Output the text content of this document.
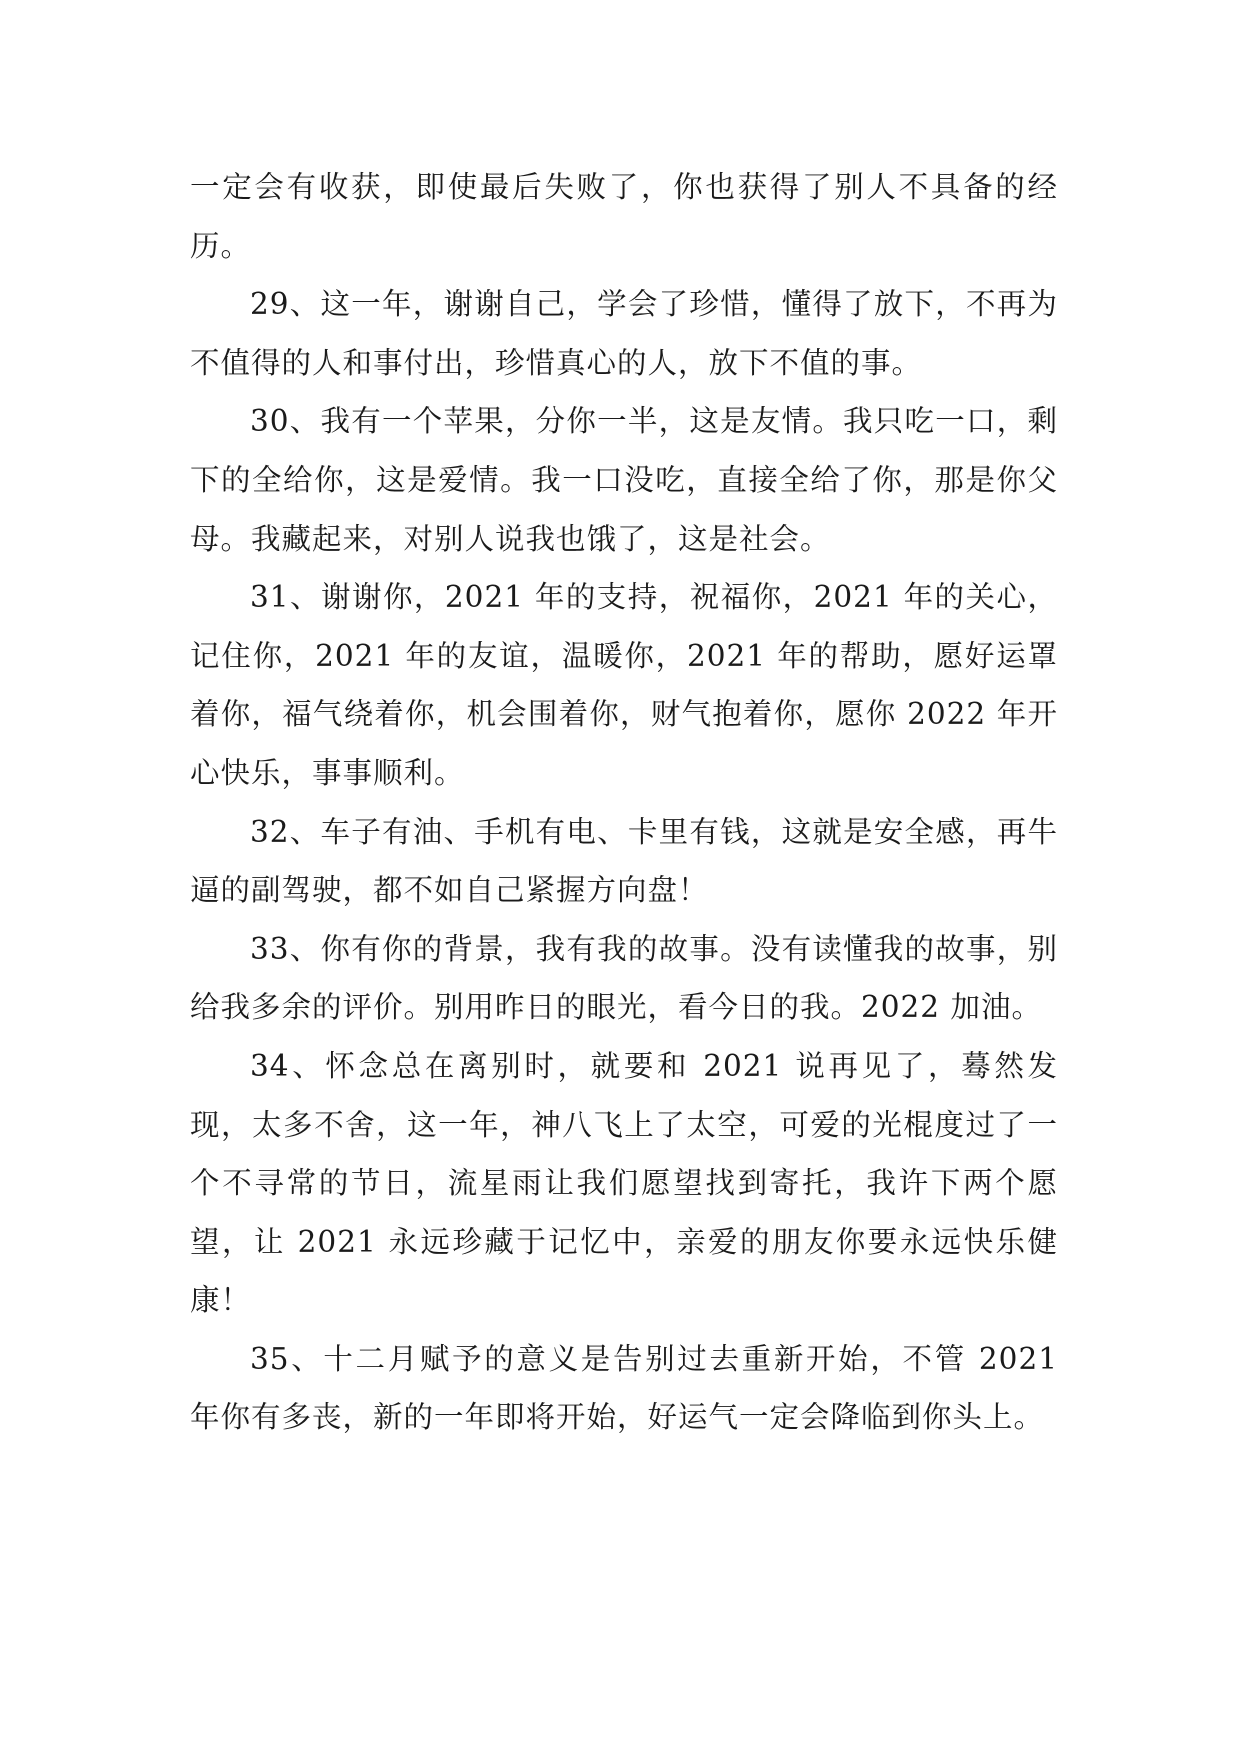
一定会有收获，即使最后失败了，你也获得了别人不具备的经历。

29、这一年，谢谢自己，学会了珍惜，懂得了放下，不再为不值得的人和事付出，珍惜真心的人，放下不值的事。

30、我有一个苹果，分你一半，这是友情。我只吃一口，剩下的全给你，这是爱情。我一口没吃，直接全给了你，那是你父母。我藏起来，对别人说我也饿了，这是社会。

31、谢谢你，2021 年的支持，祝福你，2021 年的关心，记住你，2021 年的友谊，温暖你，2021 年的帮助，愿好运罩着你，福气绕着你，机会围着你，财气抱着你，愿你 2022 年开心快乐，事事顺利。

32、车子有油、手机有电、卡里有钱，这就是安全感，再牛逼的副驾驶，都不如自己紧握方向盘！

33、你有你的背景，我有我的故事。没有读懂我的故事，别给我多余的评价。别用昨日的眼光，看今日的我。2022 加油。

34、怀念总在离别时，就要和 2021 说再见了，蓦然发现，太多不舍，这一年，神八飞上了太空，可爱的光棍度过了一个不寻常的节日，流星雨让我们愿望找到寄托，我许下两个愿望，让 2021 永远珍藏于记忆中，亲爱的朋友你要永远快乐健康！

35、十二月赋予的意义是告别过去重新开始，不管 2021 年你有多丧，新的一年即将开始，好运气一定会降临到你头上。
